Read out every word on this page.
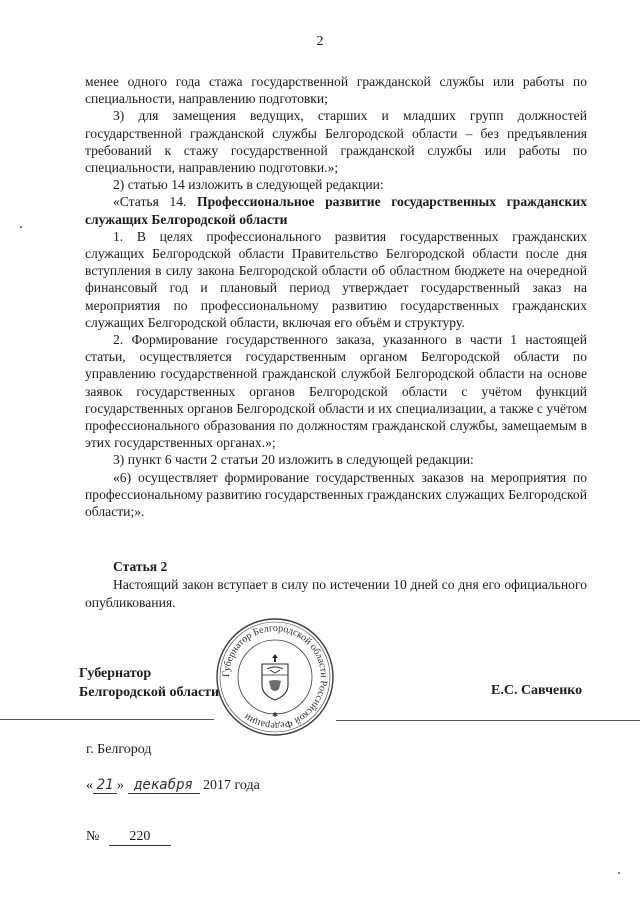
2

менее одного года стажа государственной гражданской службы или работы по специальности, направлению подготовки;

3) для замещения ведущих, старших и младших групп должностей государственной гражданской службы Белгородской области – без предъявления требований к стажу государственной гражданской службы или работы по специальности, направлению подготовки.»;

2) статью 14 изложить в следующей редакции:

«Статья 14. Профессиональное развитие государственных гражданских служащих Белгородской области

1. В целях профессионального развития государственных гражданских служащих Белгородской области Правительство Белгородской области после дня вступления в силу закона Белгородской области об областном бюджете на очередной финансовый год и плановый период утверждает государственный заказ на мероприятия по профессиональному развитию государственных гражданских служащих Белгородской области, включая его объём и структуру.

2. Формирование государственного заказа, указанного в части 1 настоящей статьи, осуществляется государственным органом Белгородской области по управлению государственной гражданской службой Белгородской области на основе заявок государственных органов Белгородской области с учётом функций государственных органов Белгородской области и их специализации, а также с учётом профессионального образования по должностям гражданской службы, замещаемым в этих государственных органах.»;

3) пункт 6 части 2 статьи 20 изложить в следующей редакции:

«6) осуществляет формирование государственных заказов на мероприятия по профессиональному развитию государственных гражданских служащих Белгородской области;».

Статья 2

Настоящий закон вступает в силу по истечении 10 дней со дня его официального опубликования.

Губернатор
Белгородской области
Губернатор Белгородской области Российской Федерации	✱
Е.С. Савченко
г. Белгород
« 21 » декабря 2017 года
№ 220
